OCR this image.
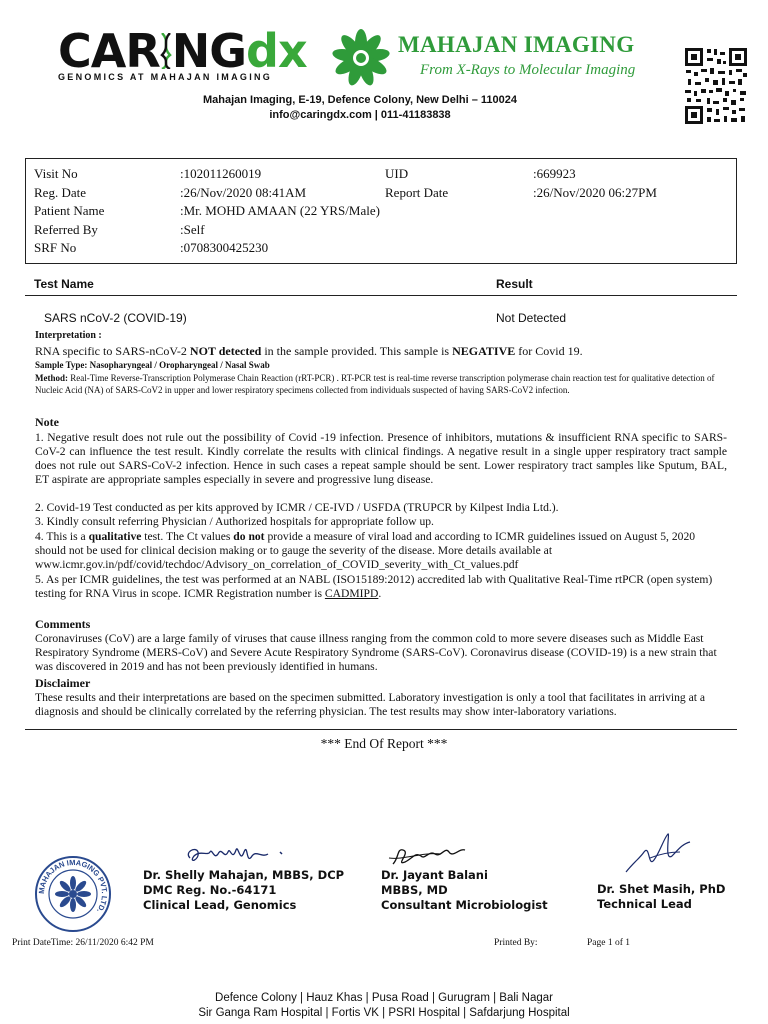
CAR NGdx
GENOMICS AT MAHAJAN IMAGING
MAHAJAN IMAGING
From X-Rays to Molecular Imaging
Mahajan Imaging, E-19, Defence Colony, New Delhi – 110024
info@caringdx.com | 011-41183838
Visit No	:102011260019	UID	:669923
Reg. Date	:26/Nov/2020 08:41AM	Report Date	:26/Nov/2020 06:27PM
Patient Name	:Mr. MOHD AMAAN (22 YRS/Male)
Referred By	:Self
SRF No	:0708300425230
Test Name	Result
SARS nCoV-2 (COVID-19)	Not Detected
Interpretation :
RNA specific to SARS-nCoV-2 NOT detected in the sample provided. This sample is NEGATIVE for Covid 19.
Sample Type: Nasopharyngeal / Oropharyngeal / Nasal Swab
Method: Real-Time Reverse-Transcription Polymerase Chain Reaction (rRT-PCR) . RT-PCR test is real-time reverse transcription polymerase chain reaction test for qualitative detection of Nucleic Acid (NA) of SARS-CoV2 in upper and lower respiratory specimens collected from individuals suspected of having SARS-CoV2 infection.
Note
1. Negative result does not rule out the possibility of Covid -19 infection. Presence of inhibitors, mutations & insufficient RNA specific to SARS-CoV-2 can influence the test result. Kindly correlate the results with clinical findings. A negative result in a single upper respiratory tract sample does not rule out SARS-CoV-2 infection. Hence in such cases a repeat sample should be sent. Lower respiratory tract samples like Sputum, BAL, ET aspirate are appropriate samples especially in severe and progressive lung disease.
2. Covid-19 Test conducted as per kits approved by ICMR / CE-IVD / USFDA (TRUPCR by Kilpest India Ltd.).
3. Kindly consult referring Physician / Authorized hospitals for appropriate follow up.
4. This is a qualitative test. The Ct values do not provide a measure of viral load and according to ICMR guidelines issued on August 5, 2020 should not be used for clinical decision making or to gauge the severity of the disease. More details available at www.icmr.gov.in/pdf/covid/techdoc/Advisory_on_correlation_of_COVID_severity_with_Ct_values.pdf
5. As per ICMR guidelines, the test was performed at an NABL (ISO15189:2012) accredited lab with Qualitative Real-Time rtPCR (open system) testing for RNA Virus in scope. ICMR Registration number is CADMIPD.
Comments
Coronaviruses (CoV) are a large family of viruses that cause illness ranging from the common cold to more severe diseases such as Middle East Respiratory Syndrome (MERS-CoV) and Severe Acute Respiratory Syndrome (SARS-CoV). Coronavirus disease (COVID-19) is a new strain that was discovered in 2019 and has not been previously identified in humans.
Disclaimer
These results and their interpretations are based on the specimen submitted. Laboratory investigation is only a tool that facilitates in arriving at a diagnosis and should be clinically correlated by the referring physician. The test results may show inter-laboratory variations.
*** End Of Report ***
MAHAJAN IMAGING PVT. LTD.
Dr. Shelly Mahajan, MBBS, DCP
DMC Reg. No.-64171
Clinical Lead, Genomics
Dr. Jayant Balani
MBBS, MD
Consultant Microbiologist
Dr. Shet Masih, PhD
Technical Lead
Print DateTime: 26/11/2020 6:42 PM	Printed By:	Page 1 of 1
Defence Colony | Hauz Khas | Pusa Road | Gurugram | Bali Nagar
Sir Ganga Ram Hospital | Fortis VK | PSRI Hospital | Safdarjung Hospital
